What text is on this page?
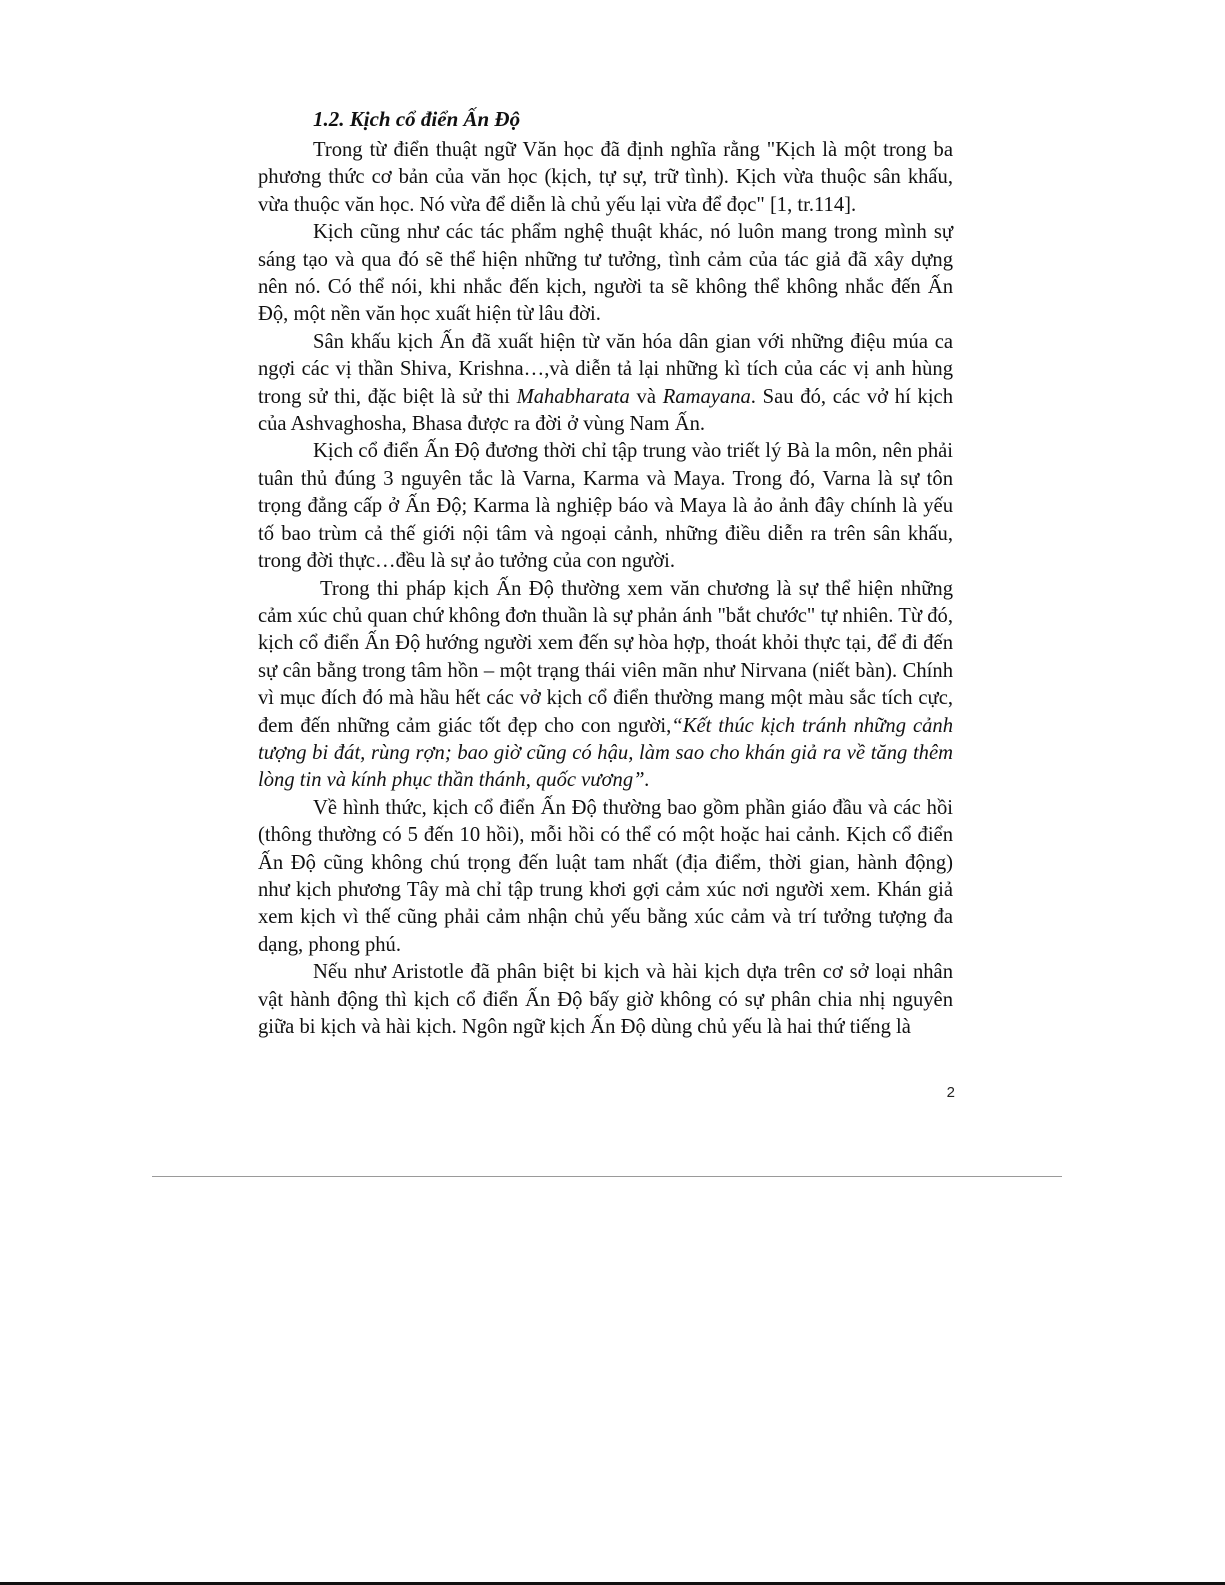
1.2. Kịch cổ điển Ấn Độ

Trong từ điển thuật ngữ Văn học đã định nghĩa rằng "Kịch là một trong ba phương thức cơ bản của văn học (kịch, tự sự, trữ tình). Kịch vừa thuộc sân khấu, vừa thuộc văn học. Nó vừa để diễn là chủ yếu lại vừa để đọc" [1, tr.114].

Kịch cũng như các tác phẩm nghệ thuật khác, nó luôn mang trong mình sự sáng tạo và qua đó sẽ thể hiện những tư tưởng, tình cảm của tác giả đã xây dựng nên nó. Có thể nói, khi nhắc đến kịch, người ta sẽ không thể không nhắc đến Ấn Độ, một nền văn học xuất hiện từ lâu đời.

Sân khấu kịch Ấn đã xuất hiện từ văn hóa dân gian với những điệu múa ca ngợi các vị thần Shiva, Krishna…,và diễn tả lại những kì tích của các vị anh hùng trong sử thi, đặc biệt là sử thi Mahabharata và Ramayana. Sau đó, các vở hí kịch của Ashvaghosha, Bhasa được ra đời ở vùng Nam Ấn.

Kịch cổ điển Ấn Độ đương thời chỉ tập trung vào triết lý Bà la môn, nên phải tuân thủ đúng 3 nguyên tắc là Varna, Karma và Maya. Trong đó, Varna là sự tôn trọng đẳng cấp ở Ấn Độ; Karma là nghiệp báo và Maya là ảo ảnh đây chính là yếu tố bao trùm cả thế giới nội tâm và ngoại cảnh, những điều diễn ra trên sân khấu, trong đời thực…đều là sự ảo tưởng của con người.

Trong thi pháp kịch Ấn Độ thường xem văn chương là sự thể hiện những cảm xúc chủ quan chứ không đơn thuần là sự phản ánh "bắt chước" tự nhiên. Từ đó, kịch cổ điển Ấn Độ hướng người xem đến sự hòa hợp, thoát khỏi thực tại, để đi đến sự cân bằng trong tâm hồn – một trạng thái viên mãn như Nirvana (niết bàn). Chính vì mục đích đó mà hầu hết các vở kịch cổ điển thường mang một màu sắc tích cực, đem đến những cảm giác tốt đẹp cho con người,“Kết thúc kịch tránh những cảnh tượng bi đát, rùng rợn; bao giờ cũng có hậu, làm sao cho khán giả ra về tăng thêm lòng tin và kính phục thần thánh, quốc vương”.

Về hình thức, kịch cổ điển Ấn Độ thường bao gồm phần giáo đầu và các hồi (thông thường có 5 đến 10 hồi), mỗi hồi có thể có một hoặc hai cảnh. Kịch cổ điển Ấn Độ cũng không chú trọng đến luật tam nhất (địa điểm, thời gian, hành động) như kịch phương Tây mà chỉ tập trung khơi gợi cảm xúc nơi người xem. Khán giả xem kịch vì thế cũng phải cảm nhận chủ yếu bằng xúc cảm và trí tưởng tượng đa dạng, phong phú.

Nếu như Aristotle đã phân biệt bi kịch và hài kịch dựa trên cơ sở loại nhân vật hành động thì kịch cổ điển Ấn Độ bấy giờ không có sự phân chia nhị nguyên giữa bi kịch và hài kịch. Ngôn ngữ kịch Ấn Độ dùng chủ yếu là hai thứ tiếng là

2
